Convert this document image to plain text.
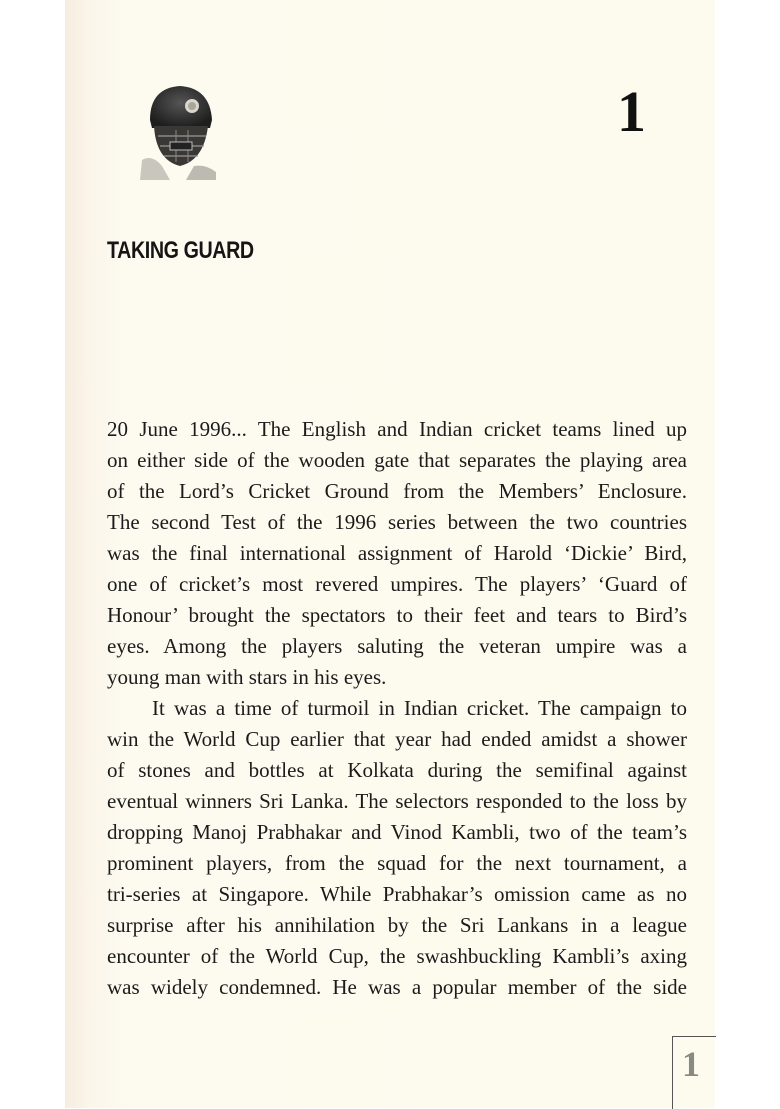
1
TAKING GUARD
20 June 1996... The English and Indian cricket teams lined up
on either side of the wooden gate that separates the playing area
of the Lord’s Cricket Ground from the Members’ Enclosure.
The second Test of the 1996 series between the two countries
was the final international assignment of Harold ‘Dickie’ Bird,
one of cricket’s most revered umpires. The players’ ‘Guard of
Honour’ brought the spectators to their feet and tears to Bird’s
eyes. Among the players saluting the veteran umpire was a
young man with stars in his eyes.
It was a time of turmoil in Indian cricket. The campaign to
win the World Cup earlier that year had ended amidst a shower
of stones and bottles at Kolkata during the semifinal against
eventual winners Sri Lanka. The selectors responded to the loss by
dropping Manoj Prabhakar and Vinod Kambli, two of the team’s
prominent players, from the squad for the next tournament, a
tri-series at Singapore. While Prabhakar’s omission came as no
surprise after his annihilation by the Sri Lankans in a league
encounter of the World Cup, the swashbuckling Kambli’s axing
was widely condemned. He was a popular member of the side
1
